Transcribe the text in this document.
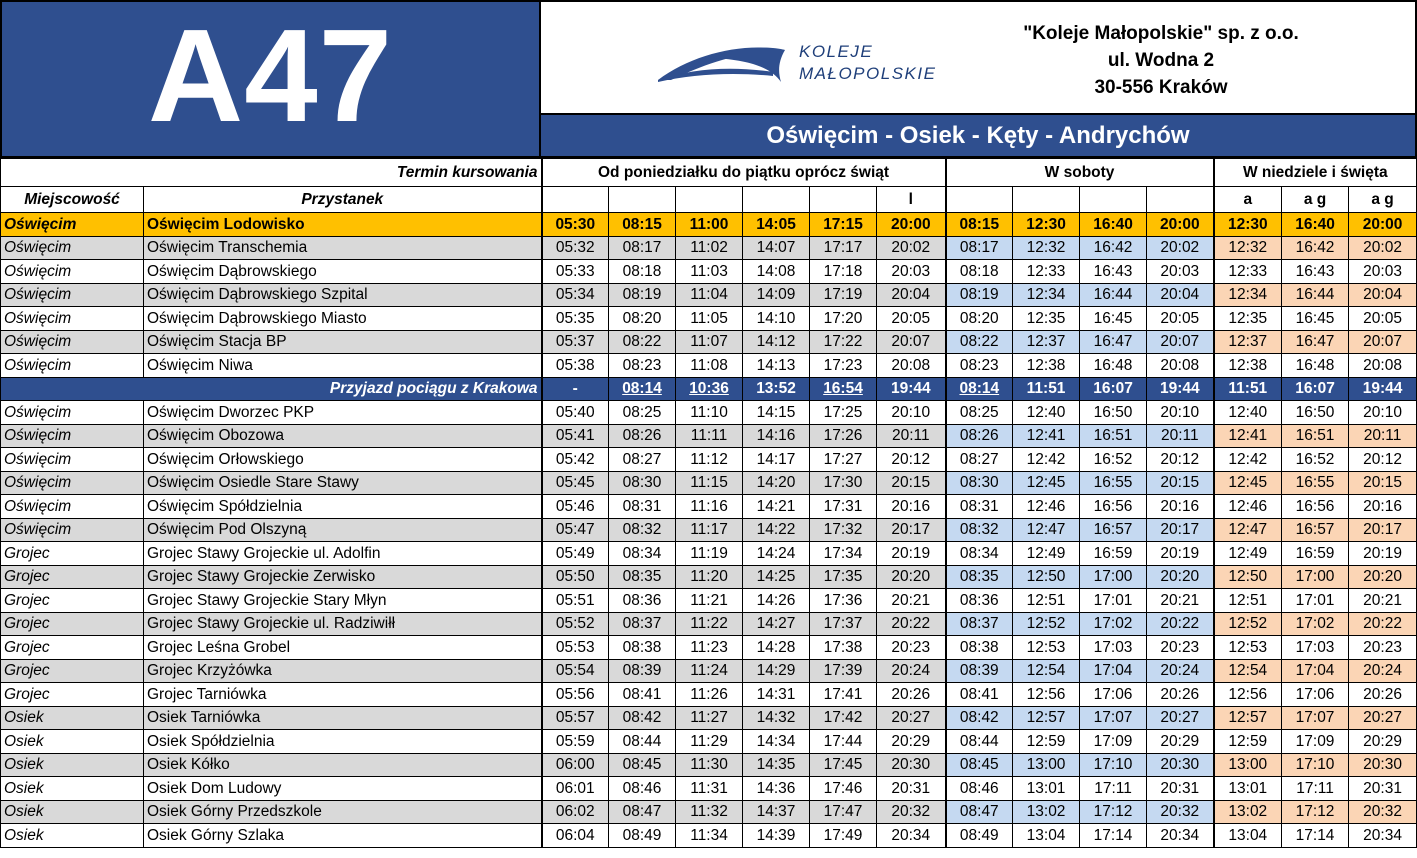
A47	KOLEJE
MAŁOPOLSKIE
"Koleje Małopolskie" sp. z o.o.
ul. Wodna 2
30-556 Kraków
Oświęcim - Osiek - Kęty - Andrychów
Termin kursowania		Od poniedziałku do piątku oprócz świąt						W soboty				W niedziele i święta		
Miejscowość	Przystanek						l					a	a g	a g
Oświęcim	Oświęcim Lodowisko	05:30	08:15	11:00	14:05	17:15	20:00	08:15	12:30	16:40	20:00	12:30	16:40	20:00
Oświęcim	Oświęcim Transchemia	05:32	08:17	11:02	14:07	17:17	20:02	08:17	12:32	16:42	20:02	12:32	16:42	20:02
Oświęcim	Oświęcim Dąbrowskiego	05:33	08:18	11:03	14:08	17:18	20:03	08:18	12:33	16:43	20:03	12:33	16:43	20:03
Oświęcim	Oświęcim Dąbrowskiego Szpital	05:34	08:19	11:04	14:09	17:19	20:04	08:19	12:34	16:44	20:04	12:34	16:44	20:04
Oświęcim	Oświęcim Dąbrowskiego Miasto	05:35	08:20	11:05	14:10	17:20	20:05	08:20	12:35	16:45	20:05	12:35	16:45	20:05
Oświęcim	Oświęcim Stacja BP	05:37	08:22	11:07	14:12	17:22	20:07	08:22	12:37	16:47	20:07	12:37	16:47	20:07
Oświęcim	Oświęcim Niwa	05:38	08:23	11:08	14:13	17:23	20:08	08:23	12:38	16:48	20:08	12:38	16:48	20:08
Przyjazd pociągu z Krakowa		-	08:14	10:36	13:52	16:54	19:44	08:14	11:51	16:07	19:44	11:51	16:07	19:44
Oświęcim	Oświęcim Dworzec PKP	05:40	08:25	11:10	14:15	17:25	20:10	08:25	12:40	16:50	20:10	12:40	16:50	20:10
Oświęcim	Oświęcim Obozowa	05:41	08:26	11:11	14:16	17:26	20:11	08:26	12:41	16:51	20:11	12:41	16:51	20:11
Oświęcim	Oświęcim Orłowskiego	05:42	08:27	11:12	14:17	17:27	20:12	08:27	12:42	16:52	20:12	12:42	16:52	20:12
Oświęcim	Oświęcim Osiedle Stare Stawy	05:45	08:30	11:15	14:20	17:30	20:15	08:30	12:45	16:55	20:15	12:45	16:55	20:15
Oświęcim	Oświęcim Spółdzielnia	05:46	08:31	11:16	14:21	17:31	20:16	08:31	12:46	16:56	20:16	12:46	16:56	20:16
Oświęcim	Oświęcim Pod Olszyną	05:47	08:32	11:17	14:22	17:32	20:17	08:32	12:47	16:57	20:17	12:47	16:57	20:17
Grojec	Grojec Stawy Grojeckie ul. Adolfin	05:49	08:34	11:19	14:24	17:34	20:19	08:34	12:49	16:59	20:19	12:49	16:59	20:19
Grojec	Grojec Stawy Grojeckie Zerwisko	05:50	08:35	11:20	14:25	17:35	20:20	08:35	12:50	17:00	20:20	12:50	17:00	20:20
Grojec	Grojec Stawy Grojeckie Stary Młyn	05:51	08:36	11:21	14:26	17:36	20:21	08:36	12:51	17:01	20:21	12:51	17:01	20:21
Grojec	Grojec Stawy Grojeckie ul. Radziwiłł	05:52	08:37	11:22	14:27	17:37	20:22	08:37	12:52	17:02	20:22	12:52	17:02	20:22
Grojec	Grojec Leśna Grobel	05:53	08:38	11:23	14:28	17:38	20:23	08:38	12:53	17:03	20:23	12:53	17:03	20:23
Grojec	Grojec Krzyżówka	05:54	08:39	11:24	14:29	17:39	20:24	08:39	12:54	17:04	20:24	12:54	17:04	20:24
Grojec	Grojec Tarniówka	05:56	08:41	11:26	14:31	17:41	20:26	08:41	12:56	17:06	20:26	12:56	17:06	20:26
Osiek	Osiek Tarniówka	05:57	08:42	11:27	14:32	17:42	20:27	08:42	12:57	17:07	20:27	12:57	17:07	20:27
Osiek	Osiek Spółdzielnia	05:59	08:44	11:29	14:34	17:44	20:29	08:44	12:59	17:09	20:29	12:59	17:09	20:29
Osiek	Osiek Kółko	06:00	08:45	11:30	14:35	17:45	20:30	08:45	13:00	17:10	20:30	13:00	17:10	20:30
Osiek	Osiek Dom Ludowy	06:01	08:46	11:31	14:36	17:46	20:31	08:46	13:01	17:11	20:31	13:01	17:11	20:31
Osiek	Osiek Górny Przedszkole	06:02	08:47	11:32	14:37	17:47	20:32	08:47	13:02	17:12	20:32	13:02	17:12	20:32
Osiek	Osiek Górny Szlaka	06:04	08:49	11:34	14:39	17:49	20:34	08:49	13:04	17:14	20:34	13:04	17:14	20:34
